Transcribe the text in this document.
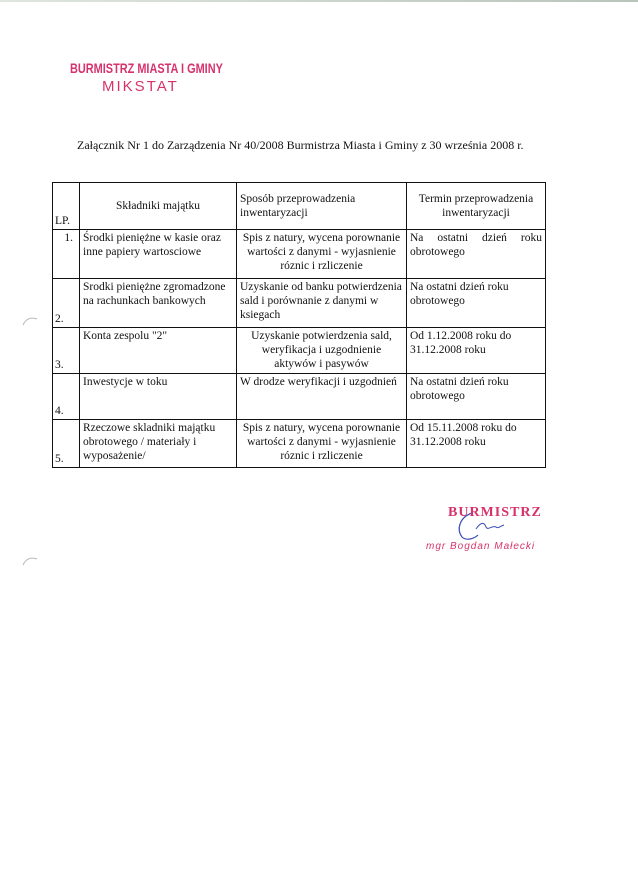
BURMISTRZ MIASTA I GMINY
MIKSTAT
Załącznik Nr 1 do Zarządzenia Nr 40/2008 Burmistrza Miasta i Gminy z 30 września 2008 r.
LP.	Składniki majątku	Sposób przeprowadzenia inwentaryzacji	Termin przeprowadzenia inwentaryzacji
1.	Środki pieniężne w kasie oraz inne papiery wartosciowe	Spis z natury, wycena porownanie wartości z danymi - wyjasnienie róznic i rzliczenie	Na ostatni dzień roku obrotowego
2.	Srodki pieniężne zgromadzone na rachunkach bankowych	Uzyskanie od banku potwierdzenia sald i porównanie z danymi w ksiegach	Na ostatni dzień roku obrotowego
3.	Konta zespolu "2"	Uzyskanie potwierdzenia sald, weryfikacja i uzgodnienie aktywów i pasywów	Od 1.12.2008 roku do 31.12.2008 roku
4.	Inwestycje w toku	W drodze weryfikacji i uzgodnień	Na ostatni dzień roku obrotowego
5.	Rzeczowe skladniki majątku obrotowego / materiały i wyposażenie/	Spis z natury, wycena porownanie wartości z danymi - wyjasnienie róznic i rzliczenie	Od 15.11.2008 roku do 31.12.2008 roku
BURMISTRZ
mgr Bogdan Małecki
